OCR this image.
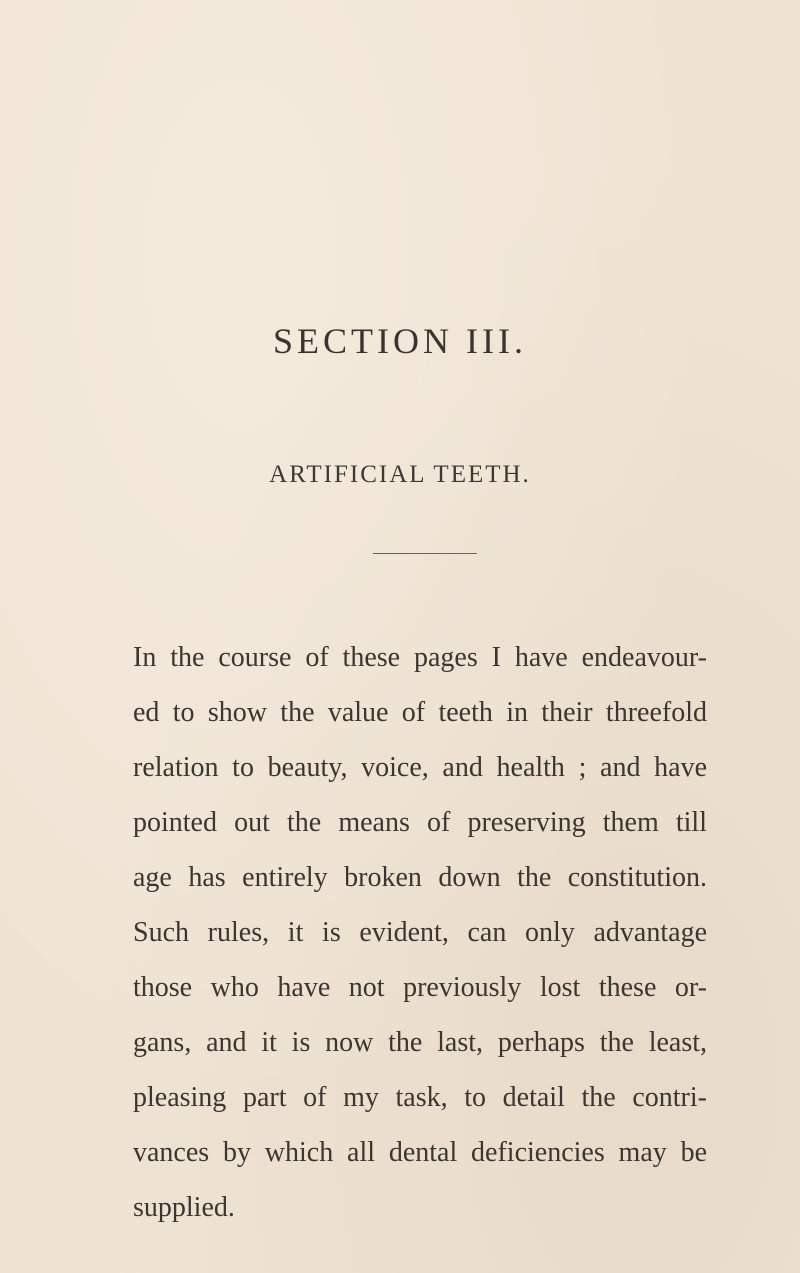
SECTION III.
ARTIFICIAL TEETH.
In the course of these pages I have endeavour-
ed to show the value of teeth in their threefold
relation to beauty, voice, and health ; and have
pointed out the means of preserving them till
age has entirely broken down the constitution.
Such rules, it is evident, can only advantage
those who have not previously lost these or-
gans, and it is now the last, perhaps the least,
pleasing part of my task, to detail the contri-
vances by which all dental deficiencies may be
supplied.
